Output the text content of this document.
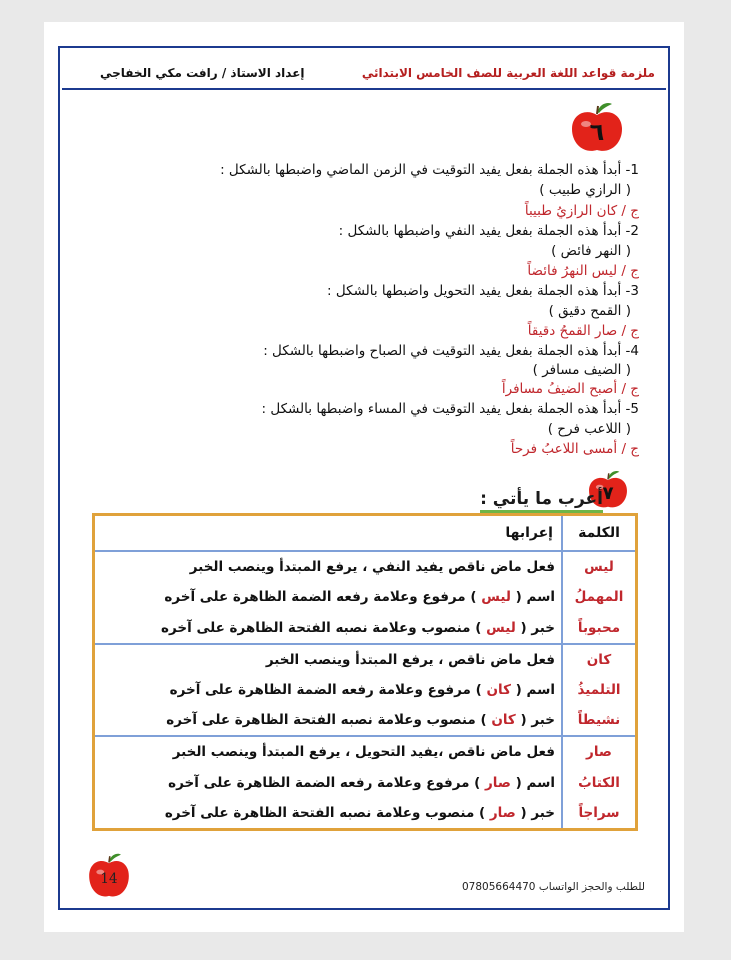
إعداد الاستاذ / رافت مكي الخفاجي	ملزمة قواعد اللغة العربية للصف الخامس الابتدائي
٦
1- أبدأ هذه الجملة بفعل يفيد التوقيت في الزمن الماضي واضبطها بالشكل :
( الرازي طبيب )
ج / كان الرازيُ طبيباً
2- أبدأ هذه الجملة بفعل يفيد النفي واضبطها بالشكل :
( النهر فائض )
ج / ليس النهرُ فائضاً
3- أبدأ هذه الجملة بفعل يفيد التحويل واضبطها بالشكل :
( القمح دقيق )
ج / صار القمحُ دقيقاً
4- أبدأ هذه الجملة بفعل يفيد التوقيت في الصباح واضبطها بالشكل :
( الضيف مسافر )
ج / أصبح الضيفُ مسافراً
5- أبدأ هذه الجملة بفعل يفيد التوقيت في المساء واضبطها بالشكل :
( اللاعب فرح )
ج / أمسى اللاعبُ فرحاً
٧
أعرب ما يأتي :
الكلمة	إعرابها
ليس	فعل ماض ناقص يفيد النفي ، يرفع المبتدأ وينصب الخبر
المهملُ	اسم ( ليس ) مرفوع وعلامة رفعه الضمة الظاهرة على آخره
محبوباً	خبر ( ليس ) منصوب وعلامة نصبه الفتحة الظاهرة على آخره
كان	فعل ماض ناقص ، يرفع المبتدأ وينصب الخبر
التلميذُ	اسم ( كان ) مرفوع وعلامة رفعه الضمة الظاهرة على آخره
نشيطاً	خبر ( كان ) منصوب وعلامة نصبه الفتحة الظاهرة على آخره
صار	فعل ماض ناقص ،يفيد التحويل ، يرفع المبتدأ وينصب الخبر
الكتابُ	اسم ( صار ) مرفوع وعلامة رفعه الضمة الظاهرة على آخره
سراجاً	خبر ( صار ) منصوب وعلامة نصبه الفتحة الظاهرة على آخره
14	للطلب والحجز الواتساب 07805664470
